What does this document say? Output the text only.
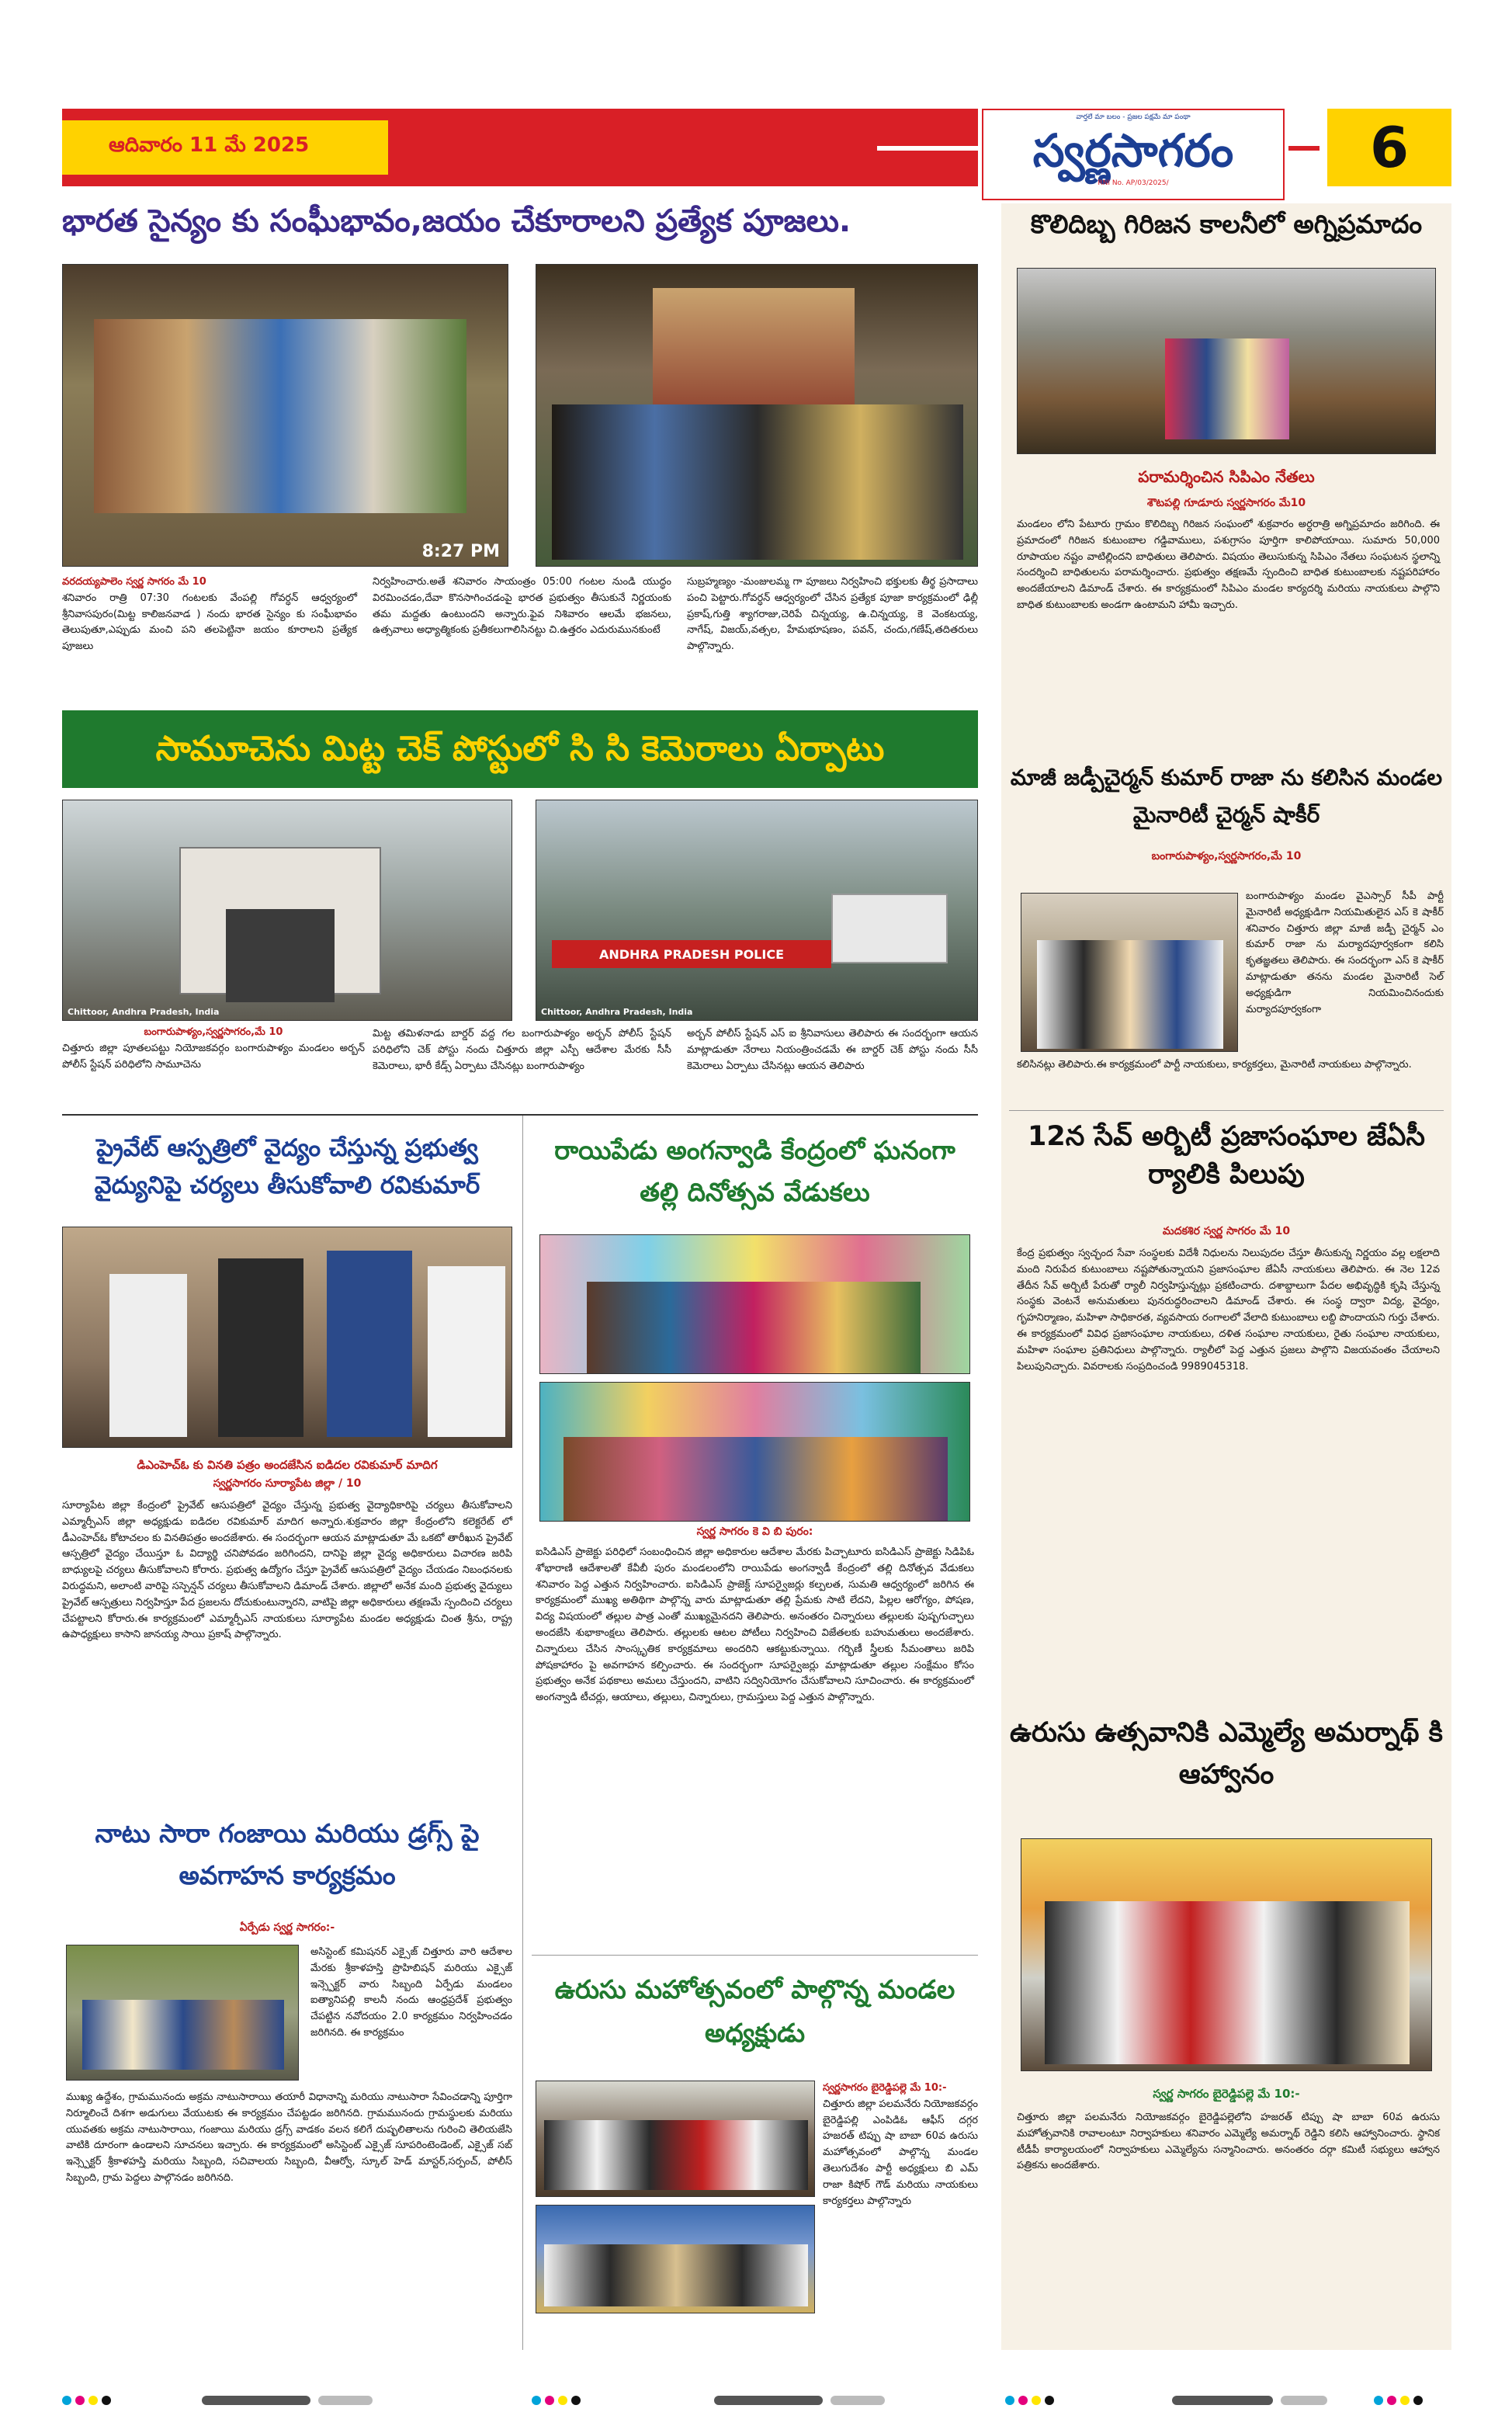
ఆదివారం 11 మే 2025
వార్తలే మా బలం - ప్రజల పక్షమే మా పంథా
స్వర్ణసాగరం
RNI No. AP/03/2025/
6
భారత సైన్యం కు సంఘీభావం,జయం చేకూరాలని ప్రత్యేక పూజలు.
8:27 PM
వరదయ్యపాలెం స్వర్ణ సాగరం మే 10

శనివారం రాత్రి 07:30 గంటలకు వేంపల్లి గోవర్ధన్ ఆధ్వర్యంలో శ్రీనివాసపురం(మిట్ట కాలిజనవాడ ) నందు భారత సైన్యం కు సంఘీభావం తెలుపుతూ,ఎప్పుడు మంచి పని తలపెట్టినా జయం కూరాలని ప్రత్యేక పూజలు

నిర్వహించారు.అతే శనివారం సాయంత్రం 05:00 గంటల నుండి యుద్ధం విరమించడం,దేవా కొనసాగించడంపై భారత ప్రభుత్వం తీసుకునే నిర్ణయంకు తమ మద్దతు ఉంటుందని అన్నారు.ఫైవ నిశివారం ఆలమే భజనలు, ఉత్సవాలు అధ్యాత్మికంకు ప్రతీకలుగాలిసినట్టు చి.ఉత్తరం ఎదురుమునకుంటే

సుబ్రహ్మణ్యం -మంజులమ్మ గా పూజలు నిర్వహించి భక్తులకు తీర్థ ప్రసాదాలు పంచి పెట్టారు.గోవర్ధన్ ఆధ్వర్యంలో చేసిన ప్రత్యేక పూజా కార్యక్రమంలో ఢిల్లీ ప్రకాష్,గుత్తి శ్యాగరాజు,చెరిపే చిన్నయ్య, ఉ.చిన్నయ్య, కె వెంకటయ్య, నాగేష్, విజయ్,వత్సల, హేమభూషణం, పవన్, చందు,గణేష్,తదితరులు పాల్గొన్నారు.

సామూచెను మిట్ట చెక్ పోస్టులో సి సి కెమెరాలు ఏర్పాటు
Chittoor, Andhra Pradesh, India
ANDHRA PRADESH POLICE
Chittoor, Andhra Pradesh, India
బంగారుపాళ్యం,స్వర్ణసాగరం,మే 10

చిత్తూరు జిల్లా పూతలపట్టు నియోజకవర్గం బంగారుపాళ్యం మండలం అర్బన్ పోలీస్ స్టేషన్ పరిధిలోని సామూచెను

మిట్ట తమిళనాడు బార్డర్ వద్ద గల బంగారుపాళ్యం అర్బన్ పోలీస్ స్టేషన్ పరిధిలోని చెక్ పోస్టు నందు చిత్తూరు జిల్లా ఎస్పీ ఆదేశాల మేరకు సీసీ కెమెరాలు, భారీ కేడ్స్ ఏర్పాటు చేసినట్లు బంగారుపాళ్యం

అర్బన్ పోలీస్ స్టేషన్ ఎస్ ఐ శ్రీనివాసులు తెలిపారు ఈ సందర్భంగా ఆయన మాట్లాడుతూ నేరాలు నియంత్రించడమే ఈ బార్డర్ చెక్ పోస్టు నందు సీసీ కెమెరాలు ఏర్పాటు చేసినట్లు ఆయన తెలిపారు

ప్రైవేట్ ఆస్పత్రిలో వైద్యం చేస్తున్న ప్రభుత్వ వైద్యునిపై చర్యలు తీసుకోవాలి రవికుమార్
డిఎంహెచ్ఓ కు వినతి పత్రం అందజేసిన ఐడిదల రవికుమార్ మాదిగ
స్వర్ణసాగరం సూర్యాపేట జిల్లా / 10

సూర్యాపేట జిల్లా కేంద్రంలో ప్రైవేట్ ఆసుపత్రిలో వైద్యం చేస్తున్న ప్రభుత్వ వైద్యాధికారిపై చర్యలు తీసుకోవాలని ఎమ్మార్పీఎస్ జిల్లా అధ్యక్షుడు ఐడిదల రవికుమార్ మాదిగ అన్నారు.శుక్రవారం జిల్లా కేంద్రంలోని కలెక్టరేట్ లో డీఎంహెచ్ఓ కోటాచలం కు వినతిపత్రం అందజేశారు. ఈ సందర్భంగా ఆయన మాట్లాడుతూ మే ఒకటో తారీఖున ప్రైవేట్ ఆస్పత్రిలో వైద్యం చేయిస్తూ ఓ విద్యార్థి చనిపోవడం జరిగిందని, దానిపై జిల్లా వైద్య అధికారులు విచారణ జరిపి బాధ్యులపై చర్యలు తీసుకోవాలని కోరారు. ప్రభుత్వ ఉద్యోగం చేస్తూ ప్రైవేట్ ఆసుపత్రిలో వైద్యం చేయడం నిబంధనలకు విరుద్ధమని, అలాంటి వారిపై సస్పెన్షన్ చర్యలు తీసుకోవాలని డిమాండ్ చేశారు. జిల్లాలో అనేక మంది ప్రభుత్వ వైద్యులు ప్రైవేట్ ఆస్పత్రులు నిర్వహిస్తూ పేద ప్రజలను దోచుకుంటున్నారని, వాటిపై జిల్లా అధికారులు తక్షణమే స్పందించి చర్యలు చేపట్టాలని కోరారు.ఈ కార్యక్రమంలో ఎమ్మార్పీఎస్ నాయకులు సూర్యాపేట మండల అధ్యక్షుడు చింత శ్రీను, రాష్ట్ర ఉపాధ్యక్షులు కాసాని జానయ్య సాయి ప్రకాష్ పాల్గొన్నారు.

నాటు సారా గంజాయి మరియు డ్రగ్స్ పై అవగాహన కార్యక్రమం
ఏర్పేడు స్వర్ణ సాగరం:-

అసిస్టెంట్ కమిషనర్ ఎక్సైజ్ చిత్తూరు వారి ఆదేశాల మేరకు శ్రీకాళహస్తి ప్రొహిబిషన్ మరియు ఎక్సైజ్ ఇన్స్పెక్టర్ వారు సిబ్బంది ఏర్పేడు మండలం ఐత్యానిపల్లి కాలనీ నందు ఆంధ్రప్రదేశ్ ప్రభుత్వం చేపట్టిన నవోదయం 2.0 కార్యక్రమం నిర్వహించడం జరిగినది. ఈ కార్యక్రమం

ముఖ్య ఉద్దేశం, గ్రామమునందు అక్రమ నాటుసారాయి తయారీ విధానాన్ని మరియు నాటుసారా సేవించడాన్ని పూర్తిగా నిర్మూలించే దిశగా అడుగులు వేయుటకు ఈ కార్యక్రమం చేపట్టడం జరిగినది. గ్రామమునందు గ్రామస్థులకు మరియు యువతకు అక్రమ నాటుసారాయి, గంజాయి మరియు డ్రగ్స్ వాడకం వలన కలిగే దుష్ఫలితాలను గురించి తెలియజేసి వాటికి దూరంగా ఉండాలని సూచనలు ఇచ్చారు. ఈ కార్యక్రమంలో అసిస్టెంట్ ఎక్సైజ్ సూపరింటెండెంట్, ఎక్సైజ్ సబ్ ఇన్స్పెక్టర్ శ్రీకాళహస్తి మరియు సిబ్బంది, సచివాలయ సిబ్బంది, వీఆర్వో, స్కూల్ హెడ్ మాస్టర్,సర్పంచ్, పోలీస్ సిబ్బంది, గ్రామ పెద్దలు పాల్గొనడం జరిగినది.

రాయిపేడు అంగన్వాడి కేంద్రంలో ఘనంగా తల్లి దినోత్సవ వేడుకలు
స్వర్ణ సాగరం కె వి బి పురం:

ఐసిడిఎస్ ప్రాజెక్టు పరిధిలో సంబంధించిన జిల్లా అధికారుల ఆదేశాల మేరకు పిచ్చాటూరు ఐసిడిఎస్ ప్రాజెక్టు సిడిపిఓ శోభారాణి ఆదేశాలతో కేవీబీ పురం మండలంలోని రాయిపేడు అంగన్వాడీ కేంద్రంలో తల్లి దినోత్సవ వేడుకలు శనివారం పెద్ద ఎత్తున నిర్వహించారు. ఐసిడిఎస్ ప్రాజెక్ట్ సూపర్వైజర్లు కల్పలత, సుమతి ఆధ్వర్యంలో జరిగిన ఈ కార్యక్రమంలో ముఖ్య అతిథిగా పాల్గొన్న వారు మాట్లాడుతూ తల్లి ప్రేమకు సాటి లేదని, పిల్లల ఆరోగ్యం, పోషణ, విద్య విషయంలో తల్లుల పాత్ర ఎంతో ముఖ్యమైనదని తెలిపారు. అనంతరం చిన్నారులు తల్లులకు పుష్పగుచ్ఛాలు అందజేసి శుభాకాంక్షలు తెలిపారు. తల్లులకు ఆటల పోటీలు నిర్వహించి విజేతలకు బహుమతులు అందజేశారు. చిన్నారులు చేసిన సాంస్కృతిక కార్యక్రమాలు అందరిని ఆకట్టుకున్నాయి. గర్భిణీ స్త్రీలకు సీమంతాలు జరిపి పోషకాహారం పై అవగాహన కల్పించారు. ఈ సందర్భంగా సూపర్వైజర్లు మాట్లాడుతూ తల్లుల సంక్షేమం కోసం ప్రభుత్వం అనేక పథకాలు అమలు చేస్తుందని, వాటిని సద్వినియోగం చేసుకోవాలని సూచించారు. ఈ కార్యక్రమంలో అంగన్వాడి టీచర్లు, ఆయాలు, తల్లులు, చిన్నారులు, గ్రామస్తులు పెద్ద ఎత్తున పాల్గొన్నారు.

ఉరుసు మహోత్సవంలో పాల్గొన్న మండల అధ్యక్షుడు
స్వర్ణసాగరం బైరెడ్డిపల్లె మే 10:-

చిత్తూరు జిల్లా పలమనేరు నియోజకవర్గం బైరెడ్డిపల్లి ఎంపిడిఓ ఆఫీస్ దగ్గర హజరత్ టిప్పు షా బాబా 60వ ఉరుసు మహోత్సవంలో పాల్గొన్న మండల తెలుగుదేశం పార్టీ అధ్యక్షులు బి ఎమ్ రాజా కిషోర్ గౌడ్ మరియు నాయకులు కార్యకర్తలు పాల్గొన్నారు

కొలిదిబ్బ గిరిజన కాలనీలో అగ్నిప్రమాదం
పరామర్శించిన సిపిఎం నేతలు
శౌటపల్లి గూడూరు స్వర్ణసాగరం మే10

మండలం లోని పేటూరు గ్రామం కొలిదిబ్బ గిరిజన సంఘంలో శుక్రవారం అర్ధరాత్రి అగ్నిప్రమాదం జరిగింది. ఈ ప్రమాదంలో గిరిజన కుటుంబాల గడ్డివాములు, పశుగ్రాసం పూర్తిగా కాలిపోయాయి. సుమారు 50,000 రూపాయల నష్టం వాటిల్లిందని బాధితులు తెలిపారు. విషయం తెలుసుకున్న సిపిఎం నేతలు సంఘటన స్థలాన్ని సందర్శించి బాధితులను పరామర్శించారు. ప్రభుత్వం తక్షణమే స్పందించి బాధిత కుటుంబాలకు నష్టపరిహారం అందజేయాలని డిమాండ్ చేశారు. ఈ కార్యక్రమంలో సిపిఎం మండల కార్యదర్శి మరియు నాయకులు పాల్గొని బాధిత కుటుంబాలకు అండగా ఉంటామని హామీ ఇచ్చారు.

మాజీ జడ్పీచైర్మన్ కుమార్ రాజా ను కలిసిన మండల మైనారిటీ చైర్మన్ షాకీర్
బంగారుపాళ్యం,స్వర్ణసాగరం,మే 10

బంగారుపాళ్యం మండల వైఎస్సార్ సీపీ పార్టీ మైనారిటీ అధ్యక్షుడిగా నియమితులైన ఎస్ కె షాకీర్ శనివారం చిత్తూరు జిల్లా మాజీ జడ్పీ చైర్మన్ ఎం కుమార్ రాజా ను మర్యాదపూర్వకంగా కలిసి కృతజ్ఞతలు తెలిపారు. ఈ సందర్భంగా ఎస్ కె షాకీర్ మాట్లాడుతూ తనను మండల మైనారిటీ సెల్ అధ్యక్షుడిగా నియమించినందుకు మర్యాదపూర్వకంగా

కలిసినట్లు తెలిపారు.ఈ కార్యక్రమంలో పార్టీ నాయకులు, కార్యకర్తలు, మైనారిటీ నాయకులు పాల్గొన్నారు.

12న సేవ్ అర్బిటీ ప్రజాసంఘాల జేఏసీ ర్యాలికి పిలుపు
మదకశిర స్వర్ణ సాగరం మే 10

కేంద్ర ప్రభుత్వం స్వచ్ఛంద సేవా సంస్థలకు విదేశీ నిధులను నిలుపుదల చేస్తూ తీసుకున్న నిర్ణయం వల్ల లక్షలాది మంది నిరుపేద కుటుంబాలు నష్టపోతున్నాయని ప్రజాసంఘాల జేఏసీ నాయకులు తెలిపారు. ఈ నెల 12వ తేదీన సేవ్ అర్బిటీ పేరుతో ర్యాలీ నిర్వహిస్తున్నట్లు ప్రకటించారు. దశాబ్దాలుగా పేదల అభివృద్ధికి కృషి చేస్తున్న సంస్థకు వెంటనే అనుమతులు పునరుద్ధరించాలని డిమాండ్ చేశారు. ఈ సంస్థ ద్వారా విద్య, వైద్యం, గృహనిర్మాణం, మహిళా సాధికారత, వ్యవసాయ రంగాలలో వేలాది కుటుంబాలు లబ్ది పొందాయని గుర్తు చేశారు. ఈ కార్యక్రమంలో వివిధ ప్రజాసంఘాల నాయకులు, దళిత సంఘాల నాయకులు, రైతు సంఘాల నాయకులు, మహిళా సంఘాల ప్రతినిధులు పాల్గొన్నారు. ర్యాలీలో పెద్ద ఎత్తున ప్రజలు పాల్గొని విజయవంతం చేయాలని పిలుపునిచ్చారు. వివరాలకు సంప్రదించండి 9989045318.

ఉరుసు ఉత్సవానికి ఎమ్మెల్యే అమర్నాథ్ కి ఆహ్వానం
స్వర్ణ సాగరం బైరెడ్డిపల్లె మే 10:-

చిత్తూరు జిల్లా పలమనేరు నియోజకవర్గం బైరెడ్డిపల్లెలోని హజరత్ టిప్పు షా బాబా 60వ ఉరుసు మహోత్సవానికి రావాలంటూ నిర్వాహకులు శనివారం ఎమ్మెల్యే అమర్నాథ్ రెడ్డిని కలిసి ఆహ్వానించారు. స్థానిక టీడీపీ కార్యాలయంలో నిర్వాహకులు ఎమ్మెల్యేను సన్మానించారు. అనంతరం దర్గా కమిటీ సభ్యులు ఆహ్వాన పత్రికను అందజేశారు.
